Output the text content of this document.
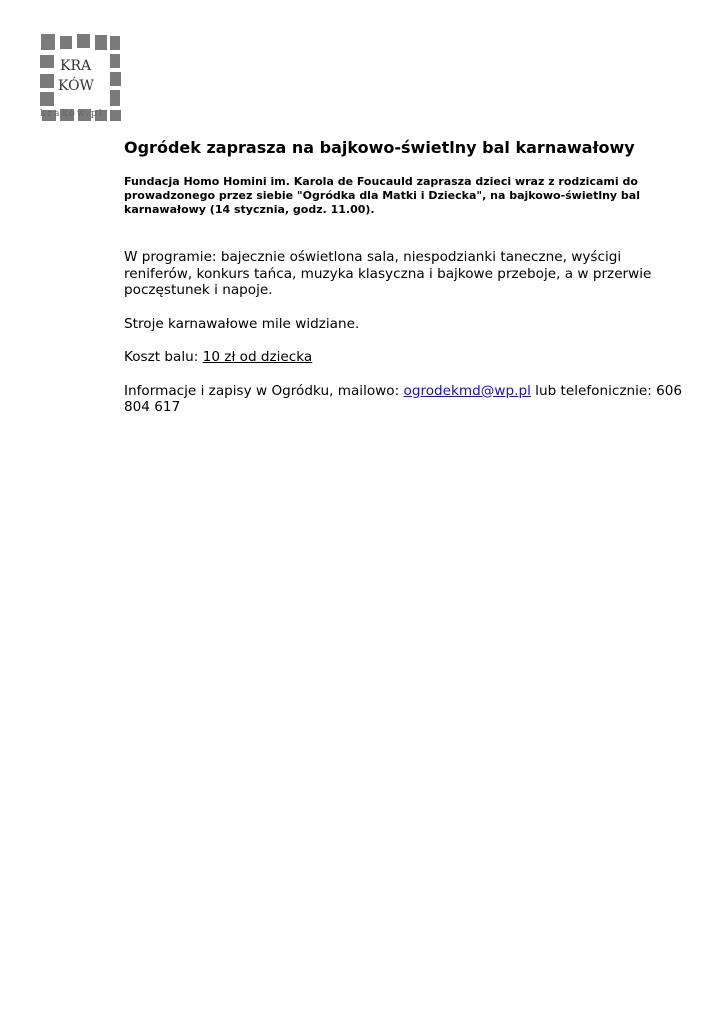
KRA
KÓW
krakow.pl
Ogródek zaprasza na bajkowo-świetlny bal karnawałowy
Fundacja Homo Homini im. Karola de Foucauld zaprasza dzieci wraz z rodzicami do prowadzonego przez siebie "Ogródka dla Matki i Dziecka", na bajkowo-świetlny bal karnawałowy (14 stycznia, godz. 11.00).

W programie: bajecznie oświetlona sala, niespodzianki taneczne, wyścigi reniferów, konkurs tańca, muzyka klasyczna i bajkowe przeboje, a w przerwie poczęstunek i napoje.

Stroje karnawałowe mile widziane.

Koszt balu: 10 zł od dziecka

Informacje i zapisy w Ogródku, mailowo: ogrodekmd@wp.pl lub telefonicznie: 606 804 617
